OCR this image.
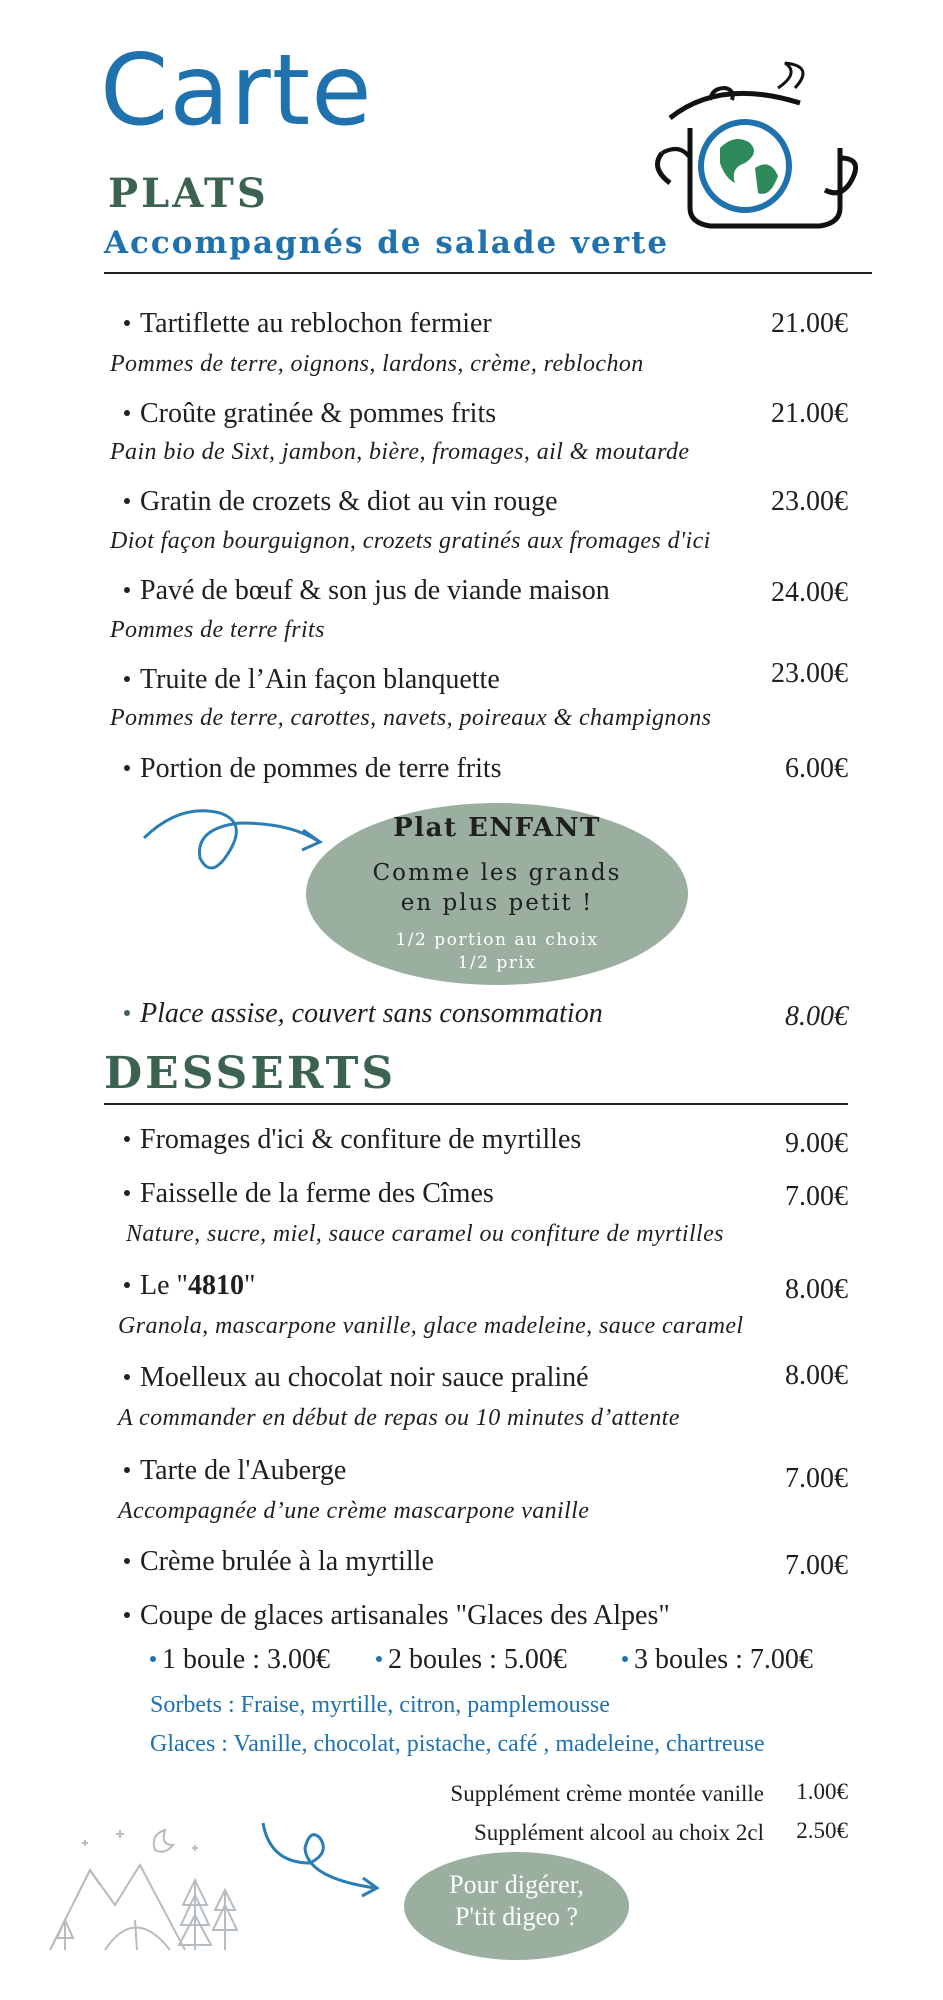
Carte
PLATS
Accompagnés de salade verte
Tartiflette au reblochon fermier	21.00€
Pommes de terre, oignons, lardons, crème, reblochon
Croûte gratinée & pommes frits	21.00€
Pain bio de Sixt, jambon, bière, fromages, ail & moutarde
Gratin de crozets & diot au vin rouge	23.00€
Diot façon bourguignon, crozets gratinés aux fromages d'ici
Pavé de bœuf & son jus de viande maison	24.00€
Pommes de terre frits
Truite de l’Ain façon blanquette	23.00€
Pommes de terre, carottes, navets, poireaux & champignons
Portion de pommes de terre frits	6.00€
Plat ENFANT
Comme les grands
en plus petit !
1/2 portion au choix
1/2 prix
Place assise, couvert sans consommation	8.00€
DESSERTS
Fromages d'ici & confiture de myrtilles	9.00€
Faisselle de la ferme des Cîmes	7.00€
Nature, sucre, miel, sauce caramel ou confiture de myrtilles
Le "4810"	8.00€
Granola, mascarpone vanille, glace madeleine, sauce caramel
Moelleux au chocolat noir sauce praliné	8.00€
A commander en début de repas ou 10 minutes d’attente
Tarte de l'Auberge	7.00€
Accompagnée d’une crème mascarpone vanille
Crème brulée à la myrtille	7.00€
Coupe de glaces artisanales "Glaces des Alpes"
1 boule : 3.00€	2 boules : 5.00€	3 boules : 7.00€
Sorbets : Fraise, myrtille, citron, pamplemousse
Glaces : Vanille, chocolat, pistache, café , madeleine, chartreuse
Supplément crème montée vanille	1.00€
Supplément alcool au choix 2cl	2.50€
Pour digérer,
P'tit digeo ?
